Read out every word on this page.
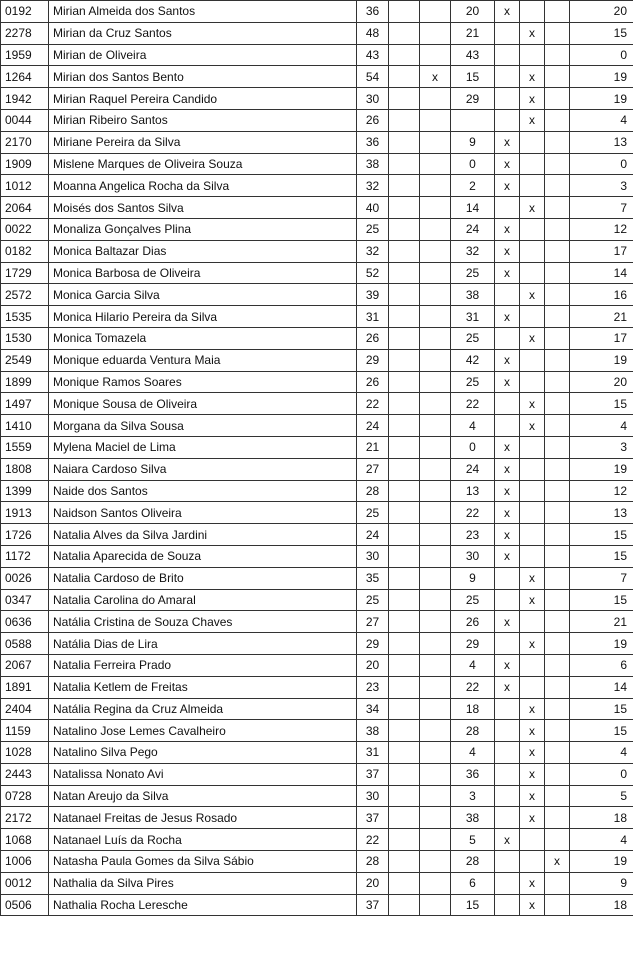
0192	Mirian Almeida dos Santos	36			20	x			20
2278	Mirian da Cruz Santos	48			21		x		15
1959	Mirian de Oliveira	43			43				0
1264	Mirian dos Santos Bento	54		x	15		x		19
1942	Mirian Raquel Pereira Candido	30			29		x		19
0044	Mirian Ribeiro Santos	26					x		4
2170	Miriane Pereira da Silva	36			9	x			13
1909	Mislene Marques de Oliveira Souza	38			0	x			0
1012	Moanna Angelica Rocha da Silva	32			2	x			3
2064	Moisés dos Santos Silva	40			14		x		7
0022	Monaliza Gonçalves Plina	25			24	x			12
0182	Monica Baltazar Dias	32			32	x			17
1729	Monica Barbosa de Oliveira	52			25	x			14
2572	Monica Garcia Silva	39			38		x		16
1535	Monica Hilario Pereira da Silva	31			31	x			21
1530	Monica Tomazela	26			25		x		17
2549	Monique eduarda Ventura Maia	29			42	x			19
1899	Monique Ramos Soares	26			25	x			20
1497	Monique Sousa de Oliveira	22			22		x		15
1410	Morgana da Silva Sousa	24			4		x		4
1559	Mylena Maciel de Lima	21			0	x			3
1808	Naiara Cardoso Silva	27			24	x			19
1399	Naide dos Santos	28			13	x			12
1913	Naidson Santos Oliveira	25			22	x			13
1726	Natalia Alves da Silva Jardini	24			23	x			15
1172	Natalia Aparecida de Souza	30			30	x			15
0026	Natalia Cardoso de Brito	35			9		x		7
0347	Natalia Carolina do Amaral	25			25		x		15
0636	Natália Cristina de Souza Chaves	27			26	x			21
0588	Natália Dias de Lira	29			29		x		19
2067	Natalia Ferreira Prado	20			4	x			6
1891	Natalia Ketlem de Freitas	23			22	x			14
2404	Natália Regina da Cruz Almeida	34			18		x		15
1159	Natalino Jose Lemes Cavalheiro	38			28		x		15
1028	Natalino Silva Pego	31			4		x		4
2443	Natalissa Nonato Avi	37			36		x		0
0728	Natan Areujo da Silva	30			3		x		5
2172	Natanael Freitas de Jesus Rosado	37			38		x		18
1068	Natanael Luís da Rocha	22			5	x			4
1006	Natasha Paula Gomes da Silva Sábio	28			28			x	19
0012	Nathalia da Silva Pires	20			6		x		9
0506	Nathalia Rocha Leresche	37			15		x		18
